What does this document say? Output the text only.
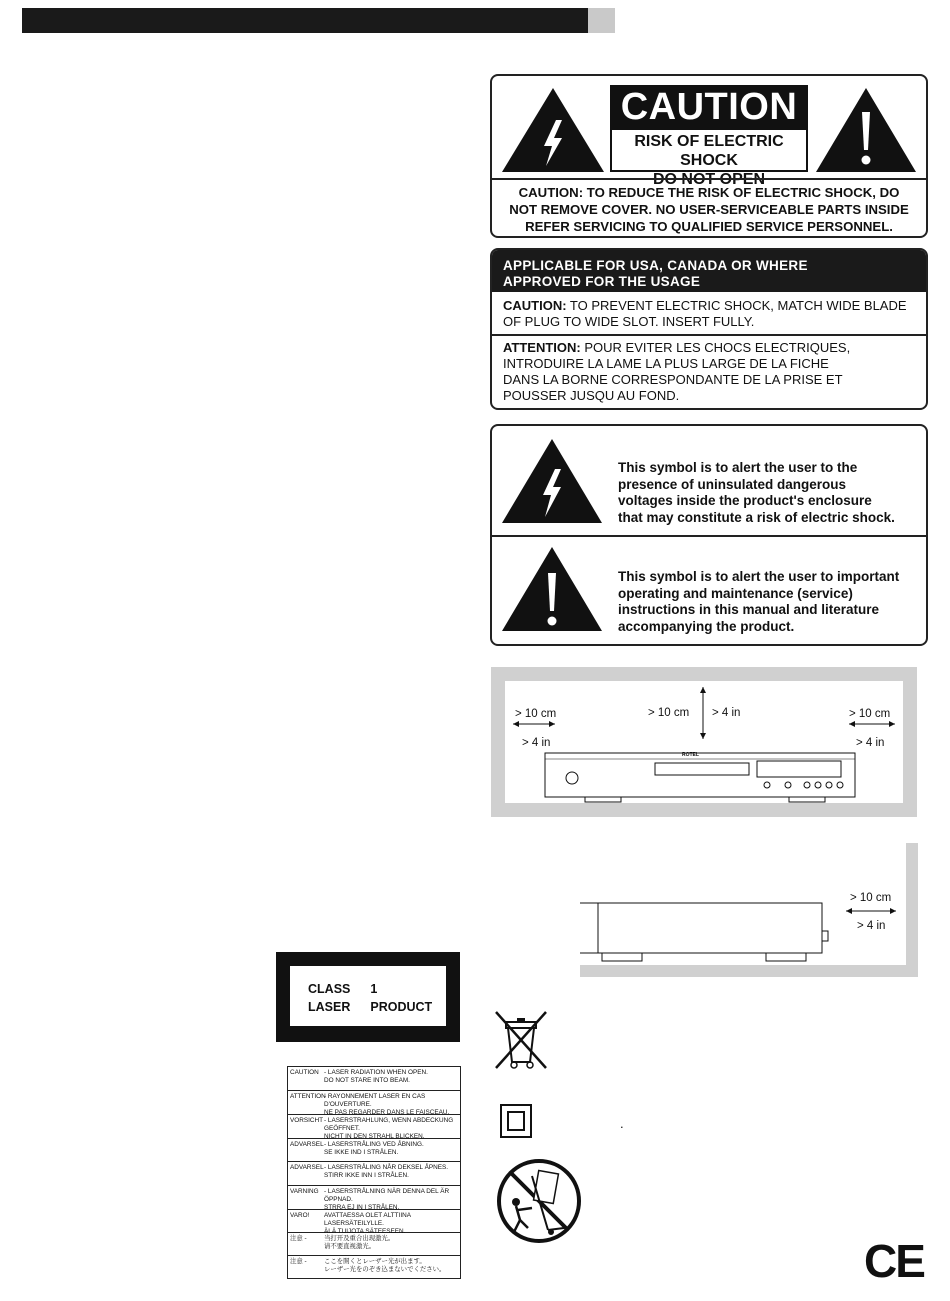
CAUTION
RISK OF ELECTRIC SHOCK
CAUTION: TO REDUCE THE RISK OF ELECTRIC SHOCK, DO
NOT REMOVE COVER. NO USER-SERVICEABLE PARTS INSIDE
REFER SERVICING TO QUALIFIED SERVICE PERSONNEL.
APPLICABLE FOR USA, CANADA OR WHERE
APPROVED FOR THE USAGE
CAUTION: TO PREVENT ELECTRIC SHOCK, MATCH WIDE BLADE
OF PLUG TO WIDE SLOT. INSERT FULLY.
ATTENTION: POUR EVITER LES CHOCS ELECTRIQUES,
INTRODUIRE LA LAME LA PLUS LARGE DE LA FICHE
DANS LA BORNE CORRESPONDANTE DE LA PRISE ET
POUSSER JUSQU AU FOND.
This symbol is to alert the user to the
presence of uninsulated dangerous
voltages inside the product's enclosure
that may constitute a risk of electric shock.
This symbol is to alert the user to important
operating and maintenance (service)
instructions in this manual and literature
accompanying the product.
> 10 cm
> 4 in
> 10 cm > 4 in	> 10 cm
> 4 in
ROTEL
> 10 cm
> 4 in
CLASS 1
LASER PRODUCT
CAUTION - LASER RADIATION WHEN OPEN.
DO NOT STARE INTO BEAM.
ATTENTION
- RAYONNEMENT LASER EN CAS D'OUVERTURE.
NE PAS REGARDER DANS LE FAISCEAU.
VORSICHT - LASERSTRAHLUNG, WENN ABDECKUNG GEÖFFNET.
NICHT IN DEN STRAHL BLICKEN.
ADVARSEL - LASERSTRÅLING VED ÅBNING.
SE IKKE IND I STRÅLEN.
ADVARSEL - LASERSTRÅLING NÅR DEKSEL ÅPNES.
STIRR IKKE INN I STRÅLEN.
VARNING - LASERSTRÅLNING NÄR DENNA DEL ÄR ÖPPNAD.
STRRA EJ IN I STRÅLEN.
VARO!	AVATTAESSA OLET ALTTIINA LASERSÄTEILYLLE.
ÄLÄ TUIJOTA SÄTEESEEN.
注意 -	当打开及重合出现激光。
请不要直视激光。
注意 -	ここを開くとレーザー光が出ます。
レーザー光をのぞき込まないでください。
.
CE
